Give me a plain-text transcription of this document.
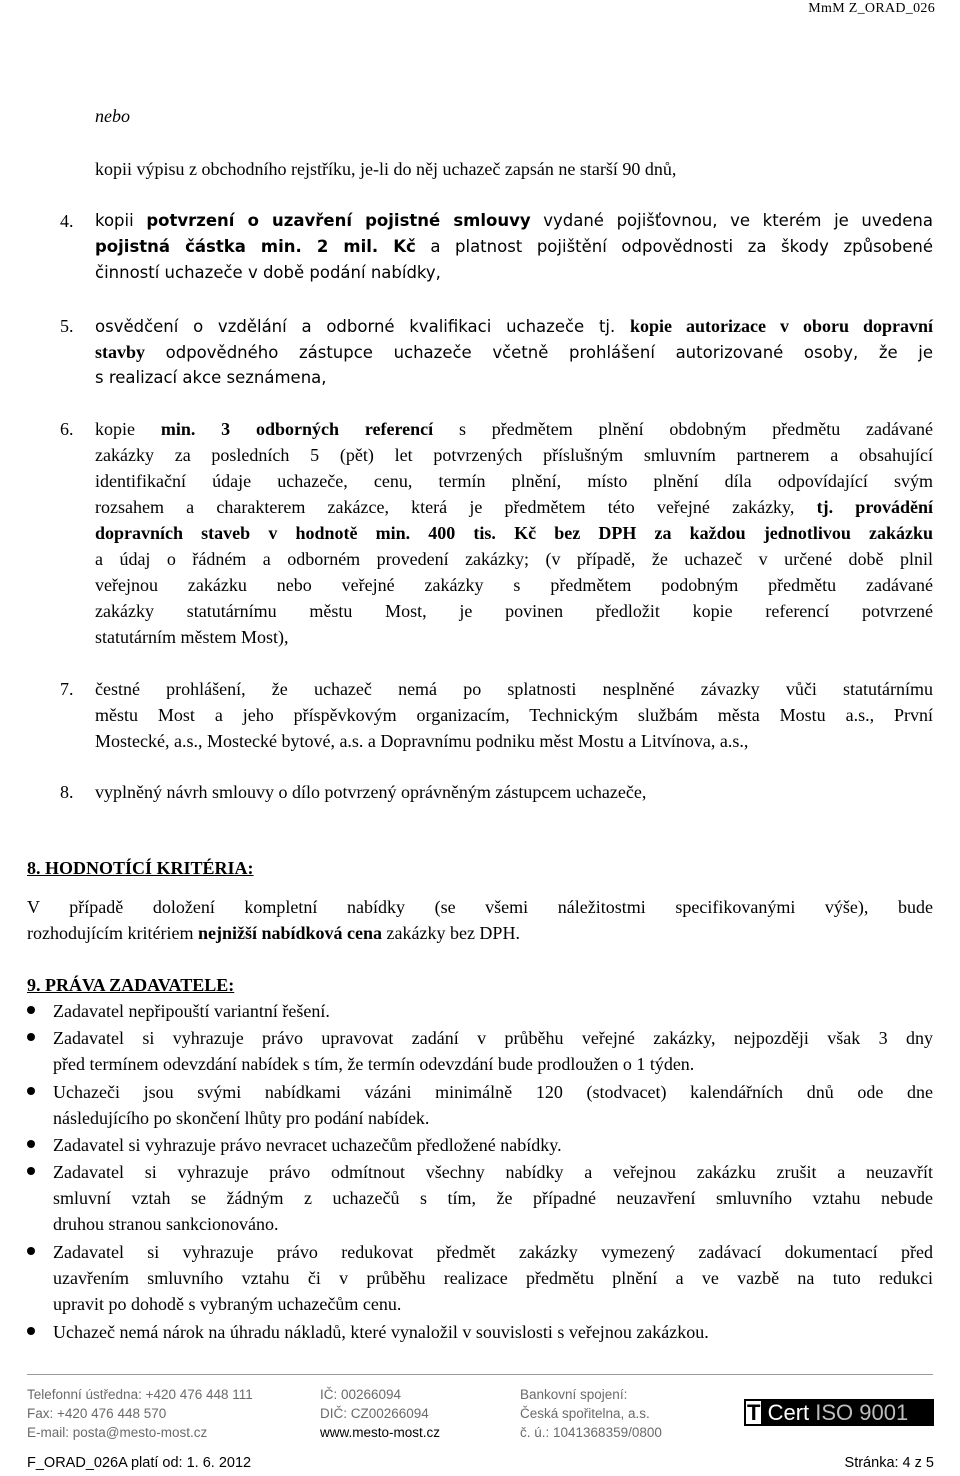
MmM Z_ORAD_026
nebo
kopii výpisu z obchodního rejstříku, je-li do něj uchazeč zapsán ne starší 90 dnů,
4.	kopii potvrzení o uzavření pojistné smlouvy vydané pojišťovnou, ve kterém je uvedena
pojistná částka min. 2 mil. Kč a platnost pojištění odpovědnosti za škody způsobené
činností uchazeče v době podání nabídky,
5.	osvědčení o vzdělání a odborné kvalifikaci uchazeče tj. kopie autorizace v oboru dopravní
stavby odpovědného zástupce uchazeče včetně prohlášení autorizované osoby, že je
s realizací akce seznámena,
6.	kopie min. 3 odborných referencí s předmětem plnění obdobným předmětu zadávané
zakázky za posledních 5 (pět) let potvrzených příslušným smluvním partnerem a obsahující
identifikační údaje uchazeče, cenu, termín plnění, místo plnění díla odpovídající svým
rozsahem a charakterem zakázce, která je předmětem této veřejné zakázky, tj. provádění
dopravních staveb v hodnotě min. 400 tis. Kč bez DPH za každou jednotlivou zakázku
a údaj o řádném a odborném provedení zakázky; (v případě, že uchazeč v určené době plnil
veřejnou zakázku nebo veřejné zakázky s předmětem podobným předmětu zadávané
zakázky statutárnímu městu Most, je povinen předložit kopie referencí potvrzené
statutárním městem Most),
7.	čestné prohlášení, že uchazeč nemá po splatnosti nesplněné závazky vůči statutárnímu
městu Most a jeho příspěvkovým organizacím, Technickým službám města Mostu a.s., První
Mostecké, a.s., Mostecké bytové, a.s. a Dopravnímu podniku měst Mostu a Litvínova, a.s.,
8.	vyplněný návrh smlouvy o dílo potvrzený oprávněným zástupcem uchazeče,
8. HODNOTÍCÍ KRITÉRIA:
V případě doložení kompletní nabídky (se všemi náležitostmi specifikovanými výše), bude
rozhodujícím kritériem nejnižší nabídková cena zakázky bez DPH.
9. PRÁVA ZADAVATELE:
Zadavatel nepřipouští variantní řešení.
Zadavatel si vyhrazuje právo upravovat zadání v průběhu veřejné zakázky, nejpozději však 3 dny
před termínem odevzdání nabídek s tím, že termín odevzdání bude prodloužen o 1 týden.
Uchazeči jsou svými nabídkami vázáni minimálně 120 (stodvacet) kalendářních dnů ode dne
následujícího po skončení lhůty pro podání nabídek.
Zadavatel si vyhrazuje právo nevracet uchazečům předložené nabídky.
Zadavatel si vyhrazuje právo odmítnout všechny nabídky a veřejnou zakázku zrušit a neuzavřít
smluvní vztah se žádným z uchazečů s tím, že případné neuzavření smluvního vztahu nebude
druhou stranou sankcionováno.
Zadavatel si vyhrazuje právo redukovat předmět zakázky vymezený zadávací dokumentací před
uzavřením smluvního vztahu či v průběhu realizace předmětu plnění a ve vazbě na tuto redukci
upravit po dohodě s vybraným uchazečům cenu.
Uchazeč nemá nárok na úhradu nákladů, které vynaložil v souvislosti s veřejnou zakázkou.
Telefonní ústředna: +420 476 448 111
Fax: +420 476 448 570
E-mail: posta@mesto-most.cz
IČ: 00266094
DIČ: CZ00266094
www.mesto-most.cz
Bankovní spojení:
Česká spořitelna, a.s.
č. ú.: 1041368359/0800
T Cert ISO 9001
F_ORAD_026A platí od: 1. 6. 2012	Stránka: 4 z 5
